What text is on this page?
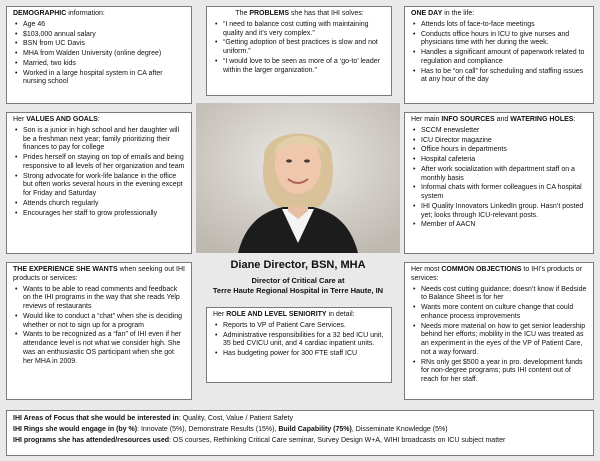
DEMOGRAPHIC information:
• Age 46
• $103,000 annual salary
• BSN from UC Davis
• MHA from Walden University (online degree)
• Married, two kids
• Worked in a large hospital system in CA after nursing school
The PROBLEMS she has that IHI solves:
• “I need to balance cost cutting with maintaining quality and it’s very complex.”
• “Getting adoption of best practices is slow and not uniform.”
• “I would love to be seen as more of a ‘go-to’ leader within the larger organization.”
ONE DAY in the life:
• Attends lots of face-to-face meetings
• Conducts office hours in ICU to give nurses and physicians time with her during the week.
• Handles a significant amount of paperwork related to regulation and compliance
• Has to be “on call” for scheduling and staffing issues at any hour of the day
Her VALUES AND GOALS:
• Son is a junior in high school and her daughter will be a freshman next year; family prioritizing their finances to pay for college
• Prides herself on staying on top of emails and being responsive to all levels of her organization and team
• Strong advocate for work-life balance in the office but often works several hours in the evening except for Friday and Saturday
• Attends church regularly
• Encourages her staff to grow professionally
Her main INFO SOURCES and WATERING HOLES:
• SCCM enewsletter
• ICU Director magazine
• Office hours in departments
• Hospital cafeteria
• After work socialization with department staff on a monthly basis
• Informal chats with former colleagues in CA hospital system
• IHI Quality Innovators LinkedIn group. Hasn’t posted yet; looks through ICU-relevant posts.
• Member of AACN
Diane Director, BSN, MHA
Director of Critical Care at
Terre Haute Regional Hospital in Terre Haute, IN
THE EXPERIENCE SHE WANTS when seeking out IHI products or services:
• Wants to be able to read comments and feedback on the IHI programs in the way that she reads Yelp reviews of restaurants
• Would like to conduct a “chat” when she is deciding whether or not to sign up for a program
• Wants to be recognized as a “fan” of IHI even if her attendance level is not what we consider high. She was an enthusiastic OS participant when she got her MHA in 2009.
Her ROLE AND LEVEL SENIORITY in detail:
• Reports to VP of Patient Care Services.
• Administrative responsibilities for a 32 bed ICU unit, 35 bed CVICU unit, and 4 cardiac inpatient units.
• Has budgeting power for 300 FTE staff ICU
Her most COMMON OBJECTIONS to IHI’s products or services:
• Needs cost cutting guidance; doesn’t know if Bedside to Balance Sheet is for her
• Wants more content on culture change that could enhance process improvements
• Needs more material on how to get senior leadership behind her efforts; mobility in the ICU was treated as an experiment in the eyes of the VP of Patient Care, not a way forward.
• RNs only get $500 a year in pro. development funds for non-degree programs; puts IHI content out of reach for her staff.

IHI Areas of Focus that she would be interested in: Quality, Cost, Value / Patient Safety

IHI Rings she would engage in (by %): Innovate (5%), Demonstrate Results (15%), Build Capability (75%), Disseminate Knowledge (5%)

IHI programs she has attended/resources used: OS courses, Rethinking Critical Care seminar, Survey Design W+A, WIHI broadcasts on ICU subject matter
